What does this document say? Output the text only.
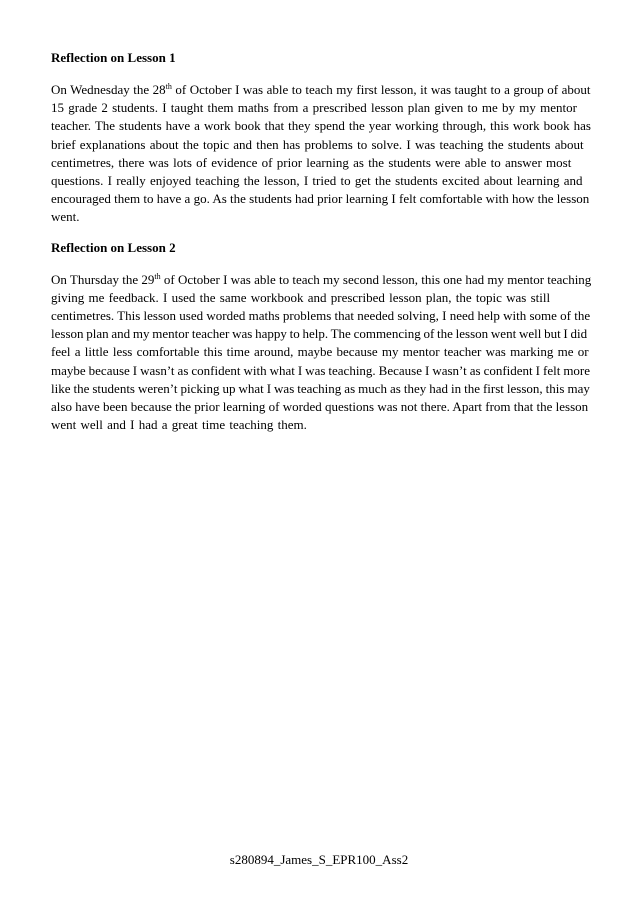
Reflection on Lesson 1

On Wednesday the 28th of October I was able to teach my first lesson, it was taught to a group of about
15 grade 2 students. I taught them maths from a prescribed lesson plan given to me by my mentor
teacher. The students have a work book that they spend the year working through, this work book has
brief explanations about the topic and then has problems to solve. I was teaching the students about
centimetres, there was lots of evidence of prior learning as the students were able to answer most
questions. I really enjoyed teaching the lesson, I tried to get the students excited about learning and
encouraged them to have a go. As the students had prior learning I felt comfortable with how the lesson
went.

Reflection on Lesson 2

On Thursday the 29th of October I was able to teach my second lesson, this one had my mentor teaching
giving me feedback. I used the same workbook and prescribed lesson plan, the topic was still
centimetres. This lesson used worded maths problems that needed solving, I need help with some of the
lesson plan and my mentor teacher was happy to help. The commencing of the lesson went well but I did
feel a little less comfortable this time around, maybe because my mentor teacher was marking me or
maybe because I wasn’t as confident with what I was teaching. Because I wasn’t as confident I felt more
like the students weren’t picking up what I was teaching as much as they had in the first lesson, this may
also have been because the prior learning of worded questions was not there. Apart from that the lesson
went well and I had a great time teaching them.

s280894_James_S_EPR100_Ass2
